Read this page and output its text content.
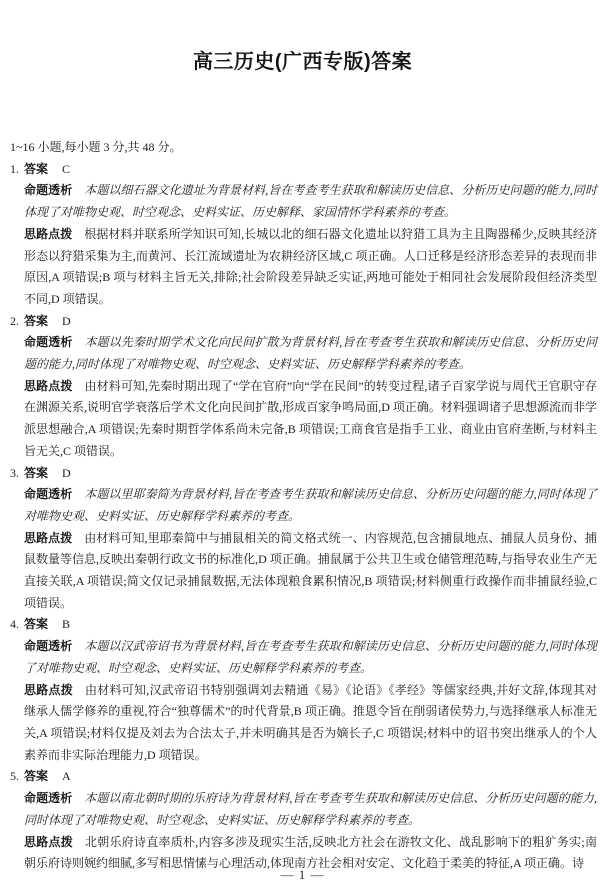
高三历史(广西专版)答案

1~16 小题,每小题 3 分,共 48 分。

1. 答案 C

命题透析 本题以细石器文化遗址为背景材料,旨在考查考生获取和解读历史信息、分析历史问题的能力,同时体现了对唯物史观、时空观念、史料实证、历史解释、家国情怀学科素养的考查。

思路点拨 根据材料并联系所学知识可知,长城以北的细石器文化遗址以狩猎工具为主且陶器稀少,反映其经济形态以狩猎采集为主,而黄河、长江流域遗址为农耕经济区域,C 项正确。人口迁移是经济形态差异的表现而非原因,A 项错误;B 项与材料主旨无关,排除;社会阶段差异缺乏实证,两地可能处于相同社会发展阶段但经济类型不同,D 项错误。

2. 答案 D

命题透析 本题以先秦时期学术文化向民间扩散为背景材料,旨在考查考生获取和解读历史信息、分析历史问题的能力,同时体现了对唯物史观、时空观念、史料实证、历史解释学科素养的考查。

思路点拨 由材料可知,先秦时期出现了“学在官府”向“学在民间”的转变过程,诸子百家学说与周代王官职守存在渊源关系,说明官学衰落后学术文化向民间扩散,形成百家争鸣局面,D 项正确。材料强调诸子思想源流而非学派思想融合,A 项错误;先秦时期哲学体系尚未完备,B 项错误;工商食官是指手工业、商业由官府垄断,与材料主旨无关,C 项错误。

3. 答案 D

命题透析 本题以里耶秦简为背景材料,旨在考查考生获取和解读历史信息、分析历史问题的能力,同时体现了对唯物史观、史料实证、历史解释学科素养的考查。

思路点拨 由材料可知,里耶秦简中与捕鼠相关的简文格式统一、内容规范,包含捕鼠地点、捕鼠人员身份、捕鼠数量等信息,反映出秦朝行政文书的标准化,D 项正确。捕鼠属于公共卫生或仓储管理范畴,与指导农业生产无直接关联,A 项错误;简文仅记录捕鼠数据,无法体现粮食累积情况,B 项错误;材料侧重行政操作而非捕鼠经验,C 项错误。

4. 答案 B

命题透析 本题以汉武帝诏书为背景材料,旨在考查考生获取和解读历史信息、分析历史问题的能力,同时体现了对唯物史观、时空观念、史料实证、历史解释学科素养的考查。

思路点拨 由材料可知,汉武帝诏书特别强调刘去精通《易》《论语》《孝经》等儒家经典,并好文辞,体现其对继承人儒学修养的重视,符合“独尊儒术”的时代背景,B 项正确。推恩令旨在削弱诸侯势力,与选择继承人标准无关,A 项错误;材料仅提及刘去为合法太子,并未明确其是否为嫡长子,C 项错误;材料中的诏书突出继承人的个人素养而非实际治理能力,D 项错误。

5. 答案 A

命题透析 本题以南北朝时期的乐府诗为背景材料,旨在考查考生获取和解读历史信息、分析历史问题的能力,同时体现了对唯物史观、时空观念、史料实证、历史解释学科素养的考查。

思路点拨 北朝乐府诗直率质朴,内容多涉及现实生活,反映北方社会在游牧文化、战乱影响下的粗犷务实;南朝乐府诗则婉约细腻,多写相思情愫与心理活动,体现南方社会相对安定、文化趋于柔美的特征,A 项正确。诗

— 1 —
